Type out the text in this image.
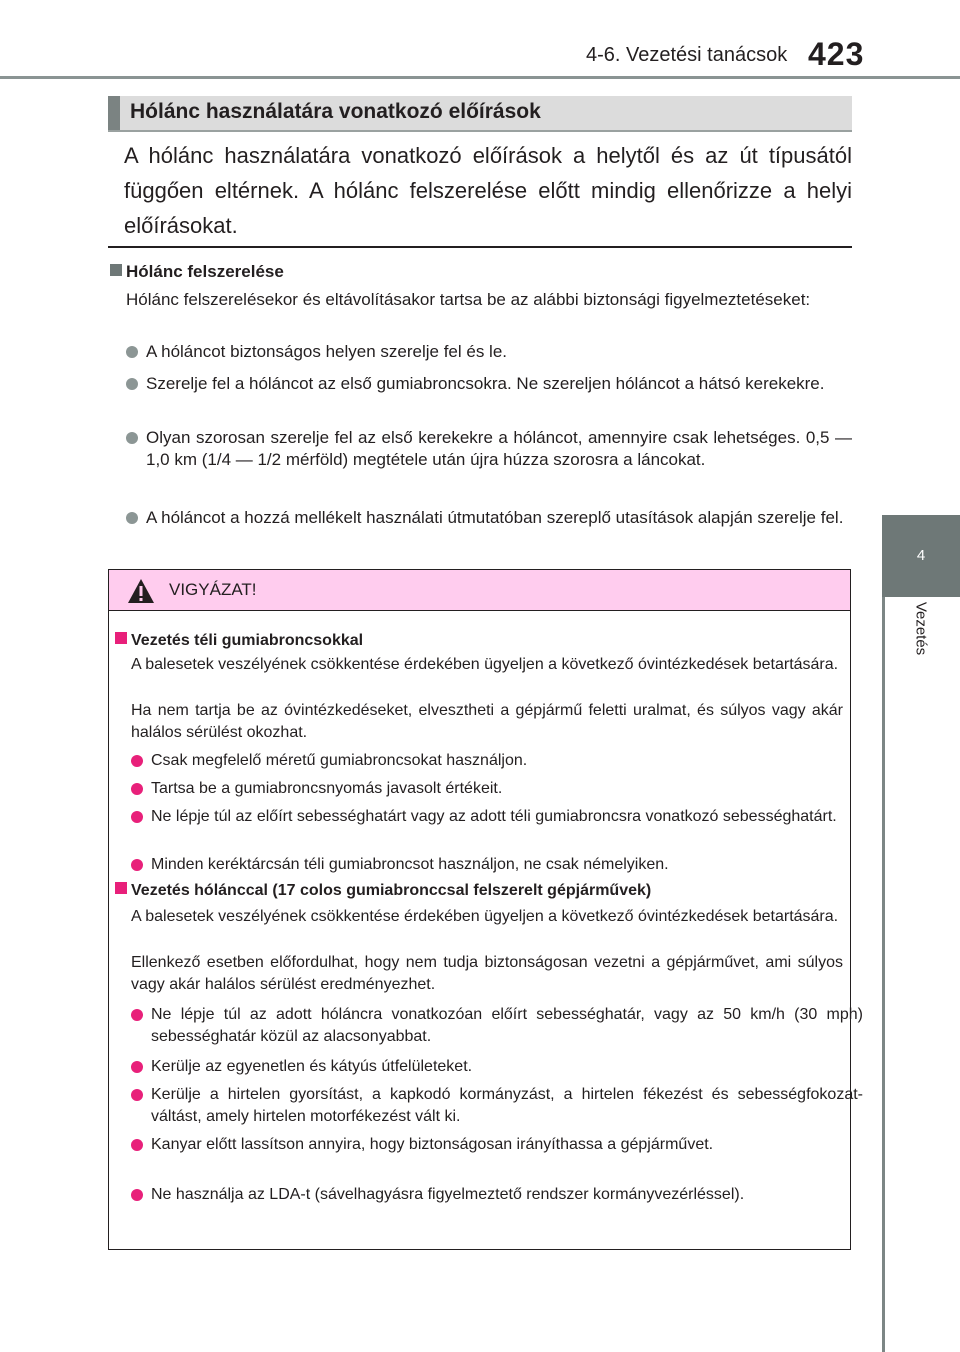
4-6. Vezetési tanácsok 423
4
Vezetés
Hólánc használatára vonatkozó előírások
A hólánc használatára vonatkozó előírások a helytől és az út típusától függően eltérnek. A hólánc felszerelése előtt mindig ellenőrizze a helyi előírásokat.
Hólánc felszerelése
Hólánc felszerelésekor és eltávolításakor tartsa be az alábbi biztonsági figyelmeztetéseket:
A hóláncot biztonságos helyen szerelje fel és le.
Szerelje fel a hóláncot az első gumiabroncsokra. Ne szereljen hóláncot a hátsó kerekekre.
Olyan szorosan szerelje fel az első kerekekre a hóláncot, amennyire csak lehetséges. 0,5 — 1,0 km (1/4 — 1/2 mérföld) megtétele után újra húzza szorosra a láncokat.
A hóláncot a hozzá mellékelt használati útmutatóban szereplő utasítások alapján szerelje fel.
VIGYÁZAT!
Vezetés téli gumiabroncsokkal
A balesetek veszélyének csökkentése érdekében ügyeljen a következő óvintézkedések betartására.
Ha nem tartja be az óvintézkedéseket, elvesztheti a gépjármű feletti uralmat, és súlyos vagy akár halálos sérülést okozhat.
Csak megfelelő méretű gumiabroncsokat használjon.
Tartsa be a gumiabroncsnyomás javasolt értékeit.
Ne lépje túl az előírt sebességhatárt vagy az adott téli gumiabroncsra vonatkozó sebességhatárt.
Minden keréktárcsán téli gumiabroncsot használjon, ne csak némelyiken.
Vezetés hólánccal (17 colos gumiabronccsal felszerelt gépjárművek)
A balesetek veszélyének csökkentése érdekében ügyeljen a következő óvintézkedések betartására.
Ellenkező esetben előfordulhat, hogy nem tudja biztonságosan vezetni a gépjárművet, ami súlyos vagy akár halálos sérülést eredményezhet.
Ne lépje túl az adott hóláncra vonatkozóan előírt sebességhatár, vagy az 50 km/h (30 mph) sebességhatár közül az alacsonyabbat.
Kerülje az egyenetlen és kátyús útfelületeket.
Kerülje a hirtelen gyorsítást, a kapkodó kormányzást, a hirtelen fékezést és sebességfokozat-váltást, amely hirtelen motorfékezést vált ki.
Kanyar előtt lassítson annyira, hogy biztonságosan irányíthassa a gépjárművet.
Ne használja az LDA-t (sávelhagyásra figyelmeztető rendszer kormányvezérléssel).
